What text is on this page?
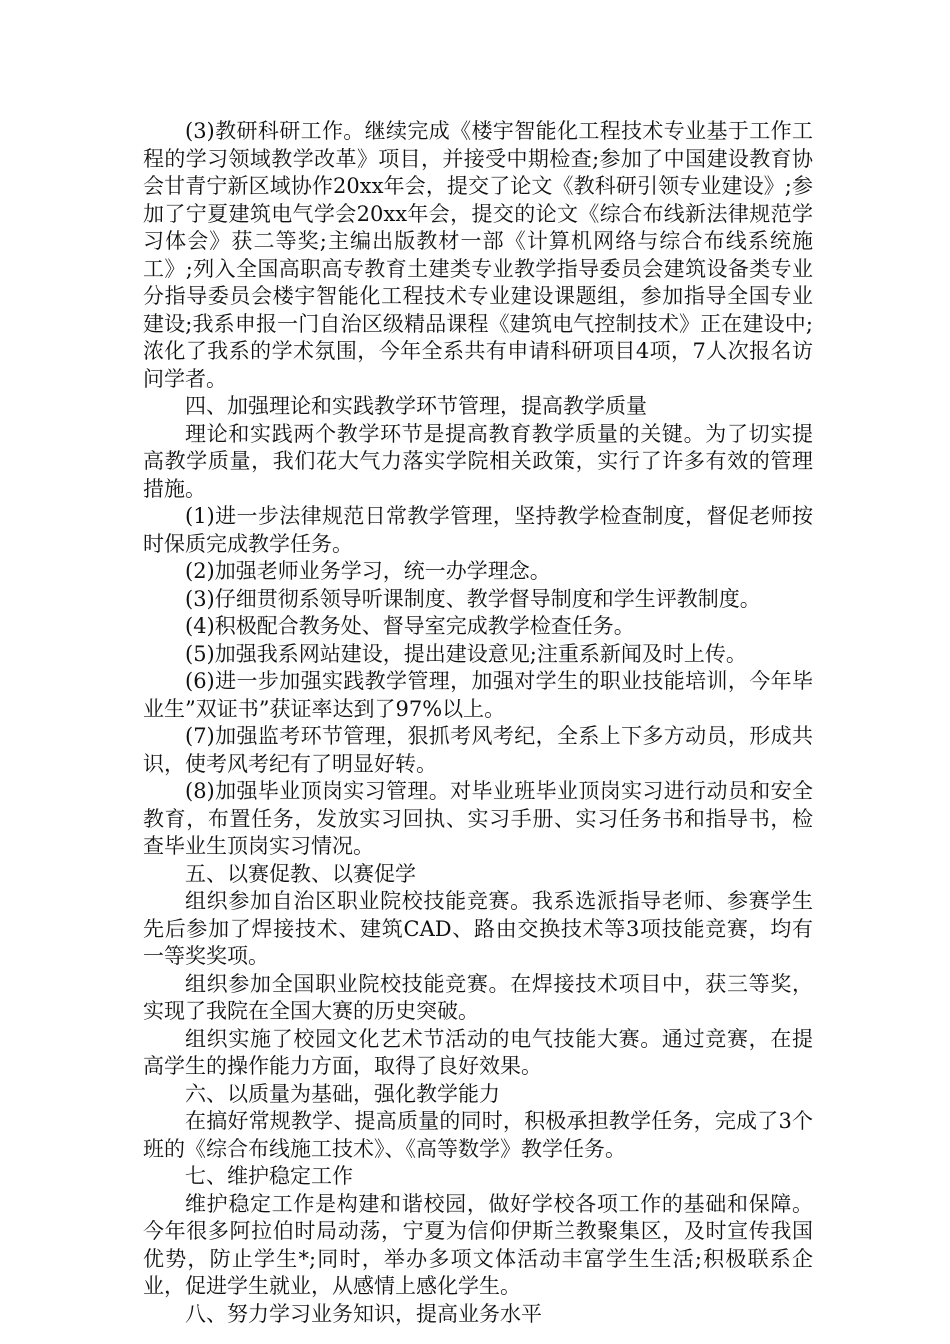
(3)教研科研工作。继续完成《楼宇智能化工程技术专业基于工作工程的学习领域教学改革》项目，并接受中期检查;参加了中国建设教育协会甘青宁新区域协作20xx年会，提交了论文《教科研引领专业建设》;参加了宁夏建筑电气学会20xx年会，提交的论文《综合布线新法律规范学习体会》获二等奖;主编出版教材一部《计算机网络与综合布线系统施工》;列入全国高职高专教育土建类专业教学指导委员会建筑设备类专业分指导委员会楼宇智能化工程技术专业建设课题组，参加指导全国专业建设;我系申报一门自治区级精品课程《建筑电气控制技术》正在建设中;浓化了我系的学术氛围，今年全系共有申请科研项目4项，7人次报名访问学者。

四、加强理论和实践教学环节管理，提高教学质量

理论和实践两个教学环节是提高教育教学质量的关键。为了切实提高教学质量，我们花大气力落实学院相关政策，实行了许多有效的管理措施。

(1)进一步法律规范日常教学管理，坚持教学检查制度，督促老师按时保质完成教学任务。

(2)加强老师业务学习，统一办学理念。

(3)仔细贯彻系领导听课制度、教学督导制度和学生评教制度。

(4)积极配合教务处、督导室完成教学检查任务。

(5)加强我系网站建设，提出建设意见;注重系新闻及时上传。

(6)进一步加强实践教学管理，加强对学生的职业技能培训，今年毕业生”双证书”获证率达到了97%以上。

(7)加强监考环节管理，狠抓考风考纪，全系上下多方动员，形成共识，使考风考纪有了明显好转。

(8)加强毕业顶岗实习管理。对毕业班毕业顶岗实习进行动员和安全教育，布置任务，发放实习回执、实习手册、实习任务书和指导书，检查毕业生顶岗实习情况。

五、以赛促教、以赛促学

组织参加自治区职业院校技能竞赛。我系选派指导老师、参赛学生先后参加了焊接技术、建筑CAD、路由交换技术等3项技能竞赛，均有一等奖奖项。

组织参加全国职业院校技能竞赛。在焊接技术项目中，获三等奖，实现了我院在全国大赛的历史突破。

组织实施了校园文化艺术节活动的电气技能大赛。通过竞赛，在提高学生的操作能力方面，取得了良好效果。

六、以质量为基础，强化教学能力

在搞好常规教学、提高质量的同时，积极承担教学任务，完成了3个班的《综合布线施工技术》、《高等数学》教学任务。

七、维护稳定工作

维护稳定工作是构建和谐校园，做好学校各项工作的基础和保障。今年很多阿拉伯时局动荡，宁夏为信仰伊斯兰教聚集区，及时宣传我国优势，防止学生*;同时，举办多项文体活动丰富学生生活;积极联系企业，促进学生就业，从感情上感化学生。

八、努力学习业务知识，提高业务水平
